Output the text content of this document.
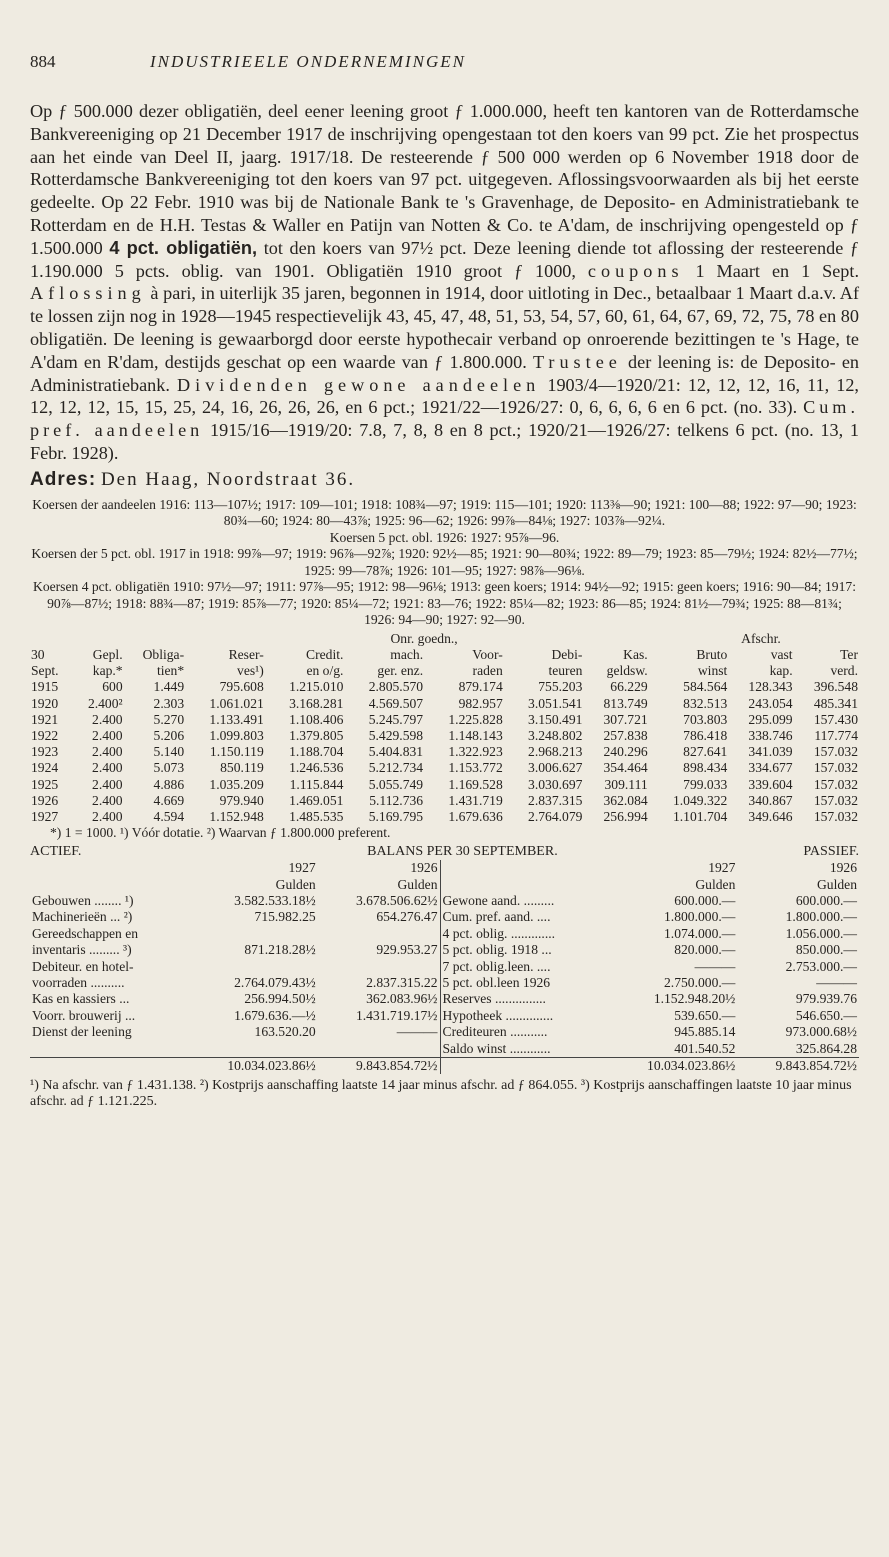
884	INDUSTRIEELE ONDERNEMINGEN

Op ƒ 500.000 dezer obligatiën, deel eener leening groot ƒ 1.000.000, heeft ten kantoren van de Rotterdamsche Bankvereeniging op 21 December 1917 de inschrijving opengestaan tot den koers van 99 pct. Zie het prospectus aan het einde van Deel II, jaarg. 1917/18. De resteerende ƒ 500 000 werden op 6 November 1918 door de Rotterdamsche Bankvereeniging tot den koers van 97 pct. uitgegeven. Aflossingsvoorwaarden als bij het eerste gedeelte. Op 22 Febr. 1910 was bij de Nationale Bank te 's Gravenhage, de Deposito- en Administratiebank te Rotterdam en de H.H. Testas & Waller en Patijn van Notten & Co. te A'dam, de inschrijving opengesteld op ƒ 1.500.000 4 pct. obligatiën, tot den koers van 97½ pct. Deze leening diende tot aflossing der resteerende ƒ 1.190.000 5 pcts. oblig. van 1901. Obligatiën 1910 groot ƒ 1000, coupons 1 Maart en 1 Sept. Aflossing à pari, in uiterlijk 35 jaren, begonnen in 1914, door uitloting in Dec., betaalbaar 1 Maart d.a.v. Af te lossen zijn nog in 1928—1945 respectievelijk 43, 45, 47, 48, 51, 53, 54, 57, 60, 61, 64, 67, 69, 72, 75, 78 en 80 obligatiën. De leening is gewaarborgd door eerste hypothecair verband op onroerende bezittingen te 's Hage, te A'dam en R'dam, destijds geschat op een waarde van ƒ 1.800.000. Trustee der leening is: de Deposito- en Administratiebank. Dividenden gewone aandeelen 1903/4—1920/21: 12, 12, 12, 16, 11, 12, 12, 12, 12, 15, 15, 25, 24, 16, 26, 26, 26, en 6 pct.; 1921/22—1926/27: 0, 6, 6, 6, 6 en 6 pct. (no. 33). Cum. pref. aandeelen 1915/16—1919/20: 7.8, 7, 8, 8 en 8 pct.; 1920/21—1926/27: telkens 6 pct. (no. 13, 1 Febr. 1928).

Adres: Den Haag, Noordstraat 36.

Koersen der aandeelen 1916: 113—107½; 1917: 109—101; 1918: 108¾—97; 1919: 115—101; 1920: 113⅜—90; 1921: 100—88; 1922: 97—90; 1923: 80¾—60; 1924: 80—43⅞; 1925: 96—62; 1926: 99⅞—84⅛; 1927: 103⅞—92¼.

Koersen 5 pct. obl. 1926: 1927: 95⅞—96.

Koersen der 5 pct. obl. 1917 in 1918: 99⅞—97; 1919: 96⅞—92⅞; 1920: 92½—85; 1921: 90—80¾; 1922: 89—79; 1923: 85—79½; 1924: 82½—77½; 1925: 99—78⅞; 1926: 101—95; 1927: 98⅞—96⅛.

Koersen 4 pct. obligatiën 1910: 97½—97; 1911: 97⅞—95; 1912: 98—96⅛; 1913: geen koers; 1914: 94½—92; 1915: geen koers; 1916: 90—84; 1917: 90⅞—87½; 1918: 88¾—87; 1919: 85⅞—77; 1920: 85¼—72; 1921: 83—76; 1922: 85¼—82; 1923: 86—85; 1924: 81½—79¾; 1925: 88—81¾; 1926: 94—90; 1927: 92—90.

					Onr. goedn.,					Afschr.	
30	Gepl.	Obliga-	Reser-	Credit.	mach.	Voor-	Debi-	Kas.	Bruto	vast	Ter
Sept.	kap.*	tien*	ves¹)	en o/g.	ger. enz.	raden	teuren	geldsw.	winst	kap.	verd.
1915	600	1.449	795.608	1.215.010	2.805.570	879.174	755.203	66.229	584.564	128.343	396.548
1920	2.400²	2.303	1.061.021	3.168.281	4.569.507	982.957	3.051.541	813.749	832.513	243.054	485.341
1921	2.400	5.270	1.133.491	1.108.406	5.245.797	1.225.828	3.150.491	307.721	703.803	295.099	157.430
1922	2.400	5.206	1.099.803	1.379.805	5.429.598	1.148.143	3.248.802	257.838	786.418	338.746	117.774
1923	2.400	5.140	1.150.119	1.188.704	5.404.831	1.322.923	2.968.213	240.296	827.641	341.039	157.032
1924	2.400	5.073	850.119	1.246.536	5.212.734	1.153.772	3.006.627	354.464	898.434	334.677	157.032
1925	2.400	4.886	1.035.209	1.115.844	5.055.749	1.169.528	3.030.697	309.111	799.033	339.604	157.032
1926	2.400	4.669	979.940	1.469.051	5.112.736	1.431.719	2.837.315	362.084	1.049.322	340.867	157.032
1927	2.400	4.594	1.152.948	1.485.535	5.169.795	1.679.636	2.764.079	256.994	1.101.704	349.646	157.032
*) 1 = 1000. ¹) Vóór dotatie. ²) Waarvan ƒ 1.800.000 preferent.
ACTIEF.	BALANS PER 30 SEPTEMBER.	PASSIEF.
	1927	1926			1927	1926
	Gulden	Gulden			Gulden	Gulden
Gebouwen ........ ¹)	3.582.533.18½	3.678.506.62½		Gewone aand. .........	600.000.—	600.000.—
Machinerieën ... ²)	715.982.25	654.276.47		Cum. pref. aand. ....	1.800.000.—	1.800.000.—
Gereedschappen en				4 pct. oblig. .............	1.074.000.—	1.056.000.—
inventaris ......... ³)	871.218.28½	929.953.27		5 pct. oblig. 1918 ...	820.000.—	850.000.—
Debiteur. en hotel-				7 pct. oblig.leen. ....	———	2.753.000.—
voorraden ..........	2.764.079.43½	2.837.315.22		5 pct. obl.leen 1926	2.750.000.—	———
Kas en kassiers ...	256.994.50½	362.083.96½		Reserves ...............	1.152.948.20½	979.939.76
Voorr. brouwerij ...	1.679.636.—½	1.431.719.17½		Hypotheek ..............	539.650.—	546.650.—
Dienst der leening	163.520.20	———		Crediteuren ...........	945.885.14	973.000.68½
				Saldo winst ............	401.540.52	325.864.28
	10.034.023.86½	9.843.854.72½			10.034.023.86½	9.843.854.72½

¹) Na afschr. van ƒ 1.431.138. ²) Kostprijs aanschaffing laatste 14 jaar minus afschr. ad ƒ 864.055. ³) Kostprijs aanschaffingen laatste 10 jaar minus afschr. ad ƒ 1.121.225.
